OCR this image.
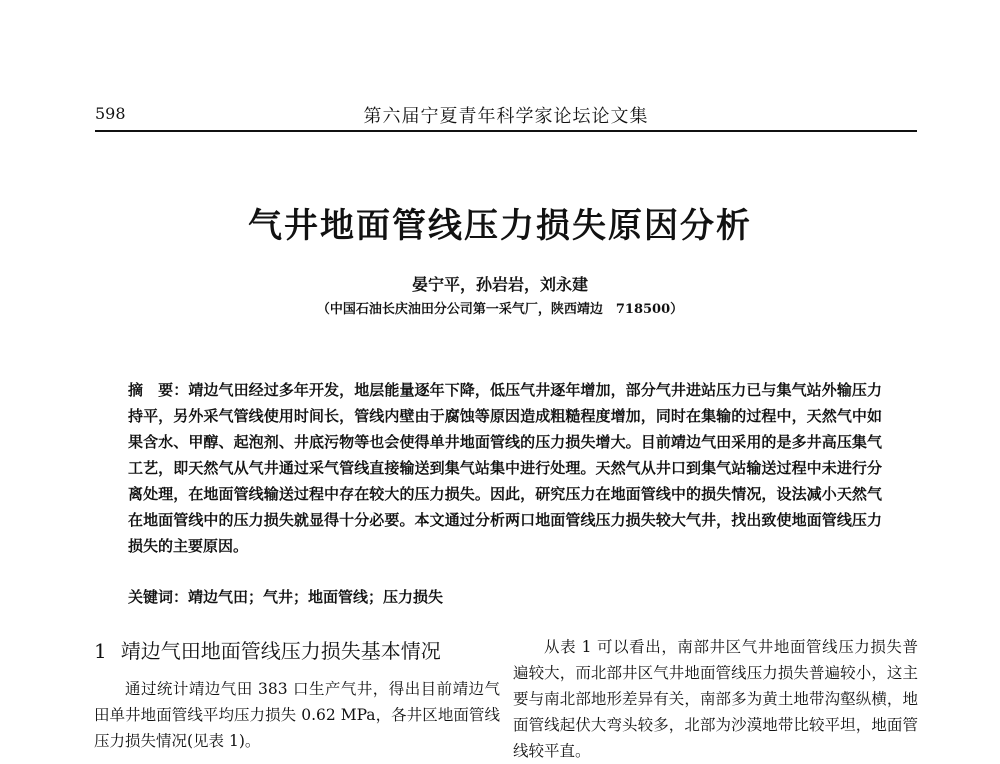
598	第六届宁夏青年科学家论坛论文集
气井地面管线压力损失原因分析
晏宁平，孙岩岩，刘永建
（中国石油长庆油田分公司第一采气厂，陕西靖边　718500）
摘　要：靖边气田经过多年开发，地层能量逐年下降，低压气井逐年增加，部分气井进站压力已与集气站外输压力持平，另外采气管线使用时间长，管线内壁由于腐蚀等原因造成粗糙程度增加，同时在集输的过程中，天然气中如果含水、甲醇、起泡剂、井底污物等也会使得单井地面管线的压力损失增大。目前靖边气田采用的是多井高压集气工艺，即天然气从气井通过采气管线直接输送到集气站集中进行处理。天然气从井口到集气站输送过程中未进行分离处理，在地面管线输送过程中存在较大的压力损失。因此，研究压力在地面管线中的损失情况，设法减小天然气在地面管线中的压力损失就显得十分必要。本文通过分析两口地面管线压力损失较大气井，找出致使地面管线压力损失的主要原因。
关键词：靖边气田；气井；地面管线；压力损失
1 靖边气田地面管线压力损失基本情况

通过统计靖边气田 383 口生产气井，得出目前靖边气田单井地面管线平均压力损失 0.62 MPa，各井区地面管线压力损失情况(见表 1)。

从表 1 可以看出，南部井区气井地面管线压力损失普遍较大，而北部井区气井地面管线压力损失普遍较小，这主要与南北部地形差异有关，南部多为黄土地带沟壑纵横，地面管线起伏大弯头较多，北部为沙漠地带比较平坦，地面管线较平直。
